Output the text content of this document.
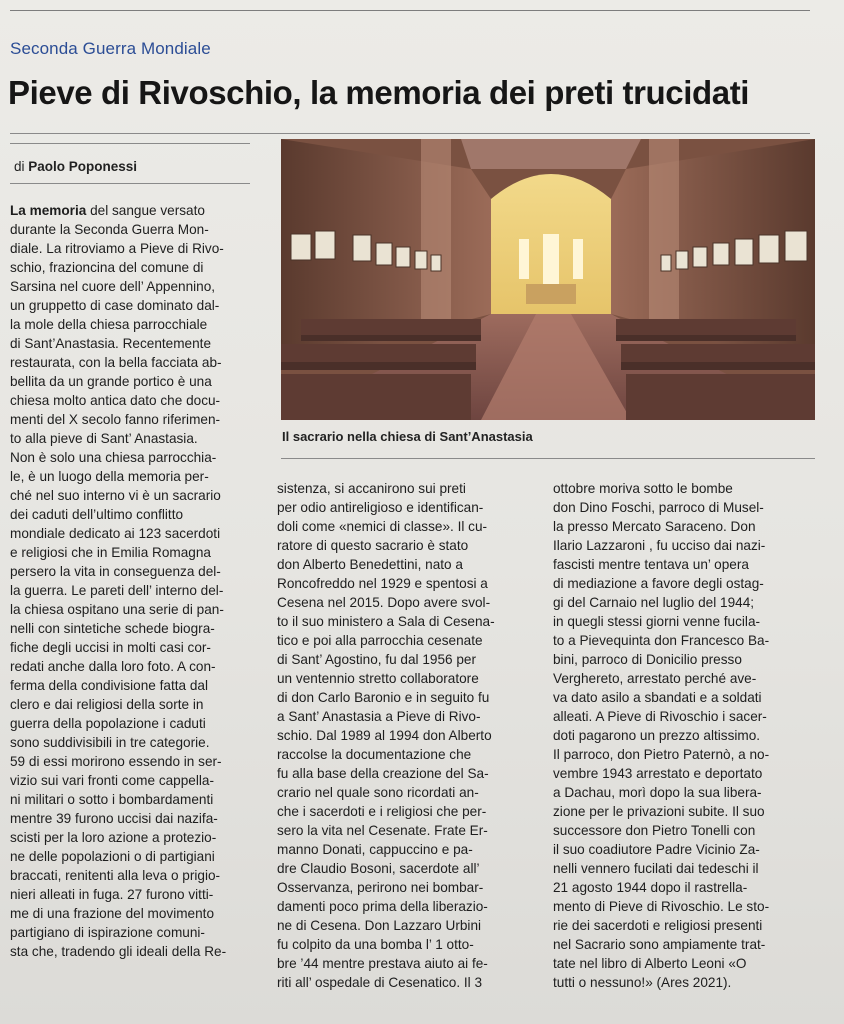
Seconda Guerra Mondiale
Pieve di Rivoschio, la memoria dei preti trucidati
di Paolo Poponessi
Il sacrario nella chiesa di Sant’Anastasia
La memoria del sangue versato
durante la Seconda Guerra Mon-
diale. La ritroviamo a Pieve di Rivo-
schio, frazioncina del comune di
Sarsina nel cuore dell’ Appennino,
un gruppetto di case dominato dal-
la mole della chiesa parrocchiale
di Sant’Anastasia. Recentemente
restaurata, con la bella facciata ab-
bellita da un grande portico è una
chiesa molto antica dato che docu-
menti del X secolo fanno riferimen-
to alla pieve di Sant’ Anastasia.
Non è solo una chiesa parrocchia-
le, è un luogo della memoria per-
ché nel suo interno vi è un sacrario
dei caduti dell’ultimo conflitto
mondiale dedicato ai 123 sacerdoti
e religiosi che in Emilia Romagna
persero la vita in conseguenza del-
la guerra. Le pareti dell’ interno del-
la chiesa ospitano una serie di pan-
nelli con sintetiche schede biogra-
fiche degli uccisi in molti casi cor-
redati anche dalla loro foto. A con-
ferma della condivisione fatta dal
clero e dai religiosi della sorte in
guerra della popolazione i caduti
sono suddivisibili in tre categorie.
59 di essi morirono essendo in ser-
vizio sui vari fronti come cappella-
ni militari o sotto i bombardamenti
mentre 39 furono uccisi dai nazifa-
scisti per la loro azione a protezio-
ne delle popolazioni o di partigiani
braccati, renitenti alla leva o prigio-
nieri alleati in fuga. 27 furono vitti-
me di una frazione del movimento
partigiano di ispirazione comuni-
sta che, tradendo gli ideali della Re-
sistenza, si accanirono sui preti
per odio antireligioso e identifican-
doli come «nemici di classe». Il cu-
ratore di questo sacrario è stato
don Alberto Benedettini, nato a
Roncofreddo nel 1929 e spentosi a
Cesena nel 2015. Dopo avere svol-
to il suo ministero a Sala di Cesena-
tico e poi alla parrocchia cesenate
di Sant’ Agostino, fu dal 1956 per
un ventennio stretto collaboratore
di don Carlo Baronio e in seguito fu
a Sant’ Anastasia a Pieve di Rivo-
schio. Dal 1989 al 1994 don Alberto
raccolse la documentazione che
fu alla base della creazione del Sa-
crario nel quale sono ricordati an-
che i sacerdoti e i religiosi che per-
sero la vita nel Cesenate. Frate Er-
manno Donati, cappuccino e pa-
dre Claudio Bosoni, sacerdote all’
Osservanza, perirono nei bombar-
damenti poco prima della liberazio-
ne di Cesena. Don Lazzaro Urbini
fu colpito da una bomba l’ 1 otto-
bre ’44 mentre prestava aiuto ai fe-
riti all’ ospedale di Cesenatico. Il 3
ottobre moriva sotto le bombe
don Dino Foschi, parroco di Musel-
la presso Mercato Saraceno. Don
Ilario Lazzaroni , fu ucciso dai nazi-
fascisti mentre tentava un’ opera
di mediazione a favore degli ostag-
gi del Carnaio nel luglio del 1944;
in quegli stessi giorni venne fucila-
to a Pievequinta don Francesco Ba-
bini, parroco di Donicilio presso
Verghereto, arrestato perché ave-
va dato asilo a sbandati e a soldati
alleati. A Pieve di Rivoschio i sacer-
doti pagarono un prezzo altissimo.
Il parroco, don Pietro Paternò, a no-
vembre 1943 arrestato e deportato
a Dachau, morì dopo la sua libera-
zione per le privazioni subite. Il suo
successore don Pietro Tonelli con
il suo coadiutore Padre Vicinio Za-
nelli vennero fucilati dai tedeschi il
21 agosto 1944 dopo il rastrella-
mento di Pieve di Rivoschio. Le sto-
rie dei sacerdoti e religiosi presenti
nel Sacrario sono ampiamente trat-
tate nel libro di Alberto Leoni «O
tutti o nessuno!» (Ares 2021).
